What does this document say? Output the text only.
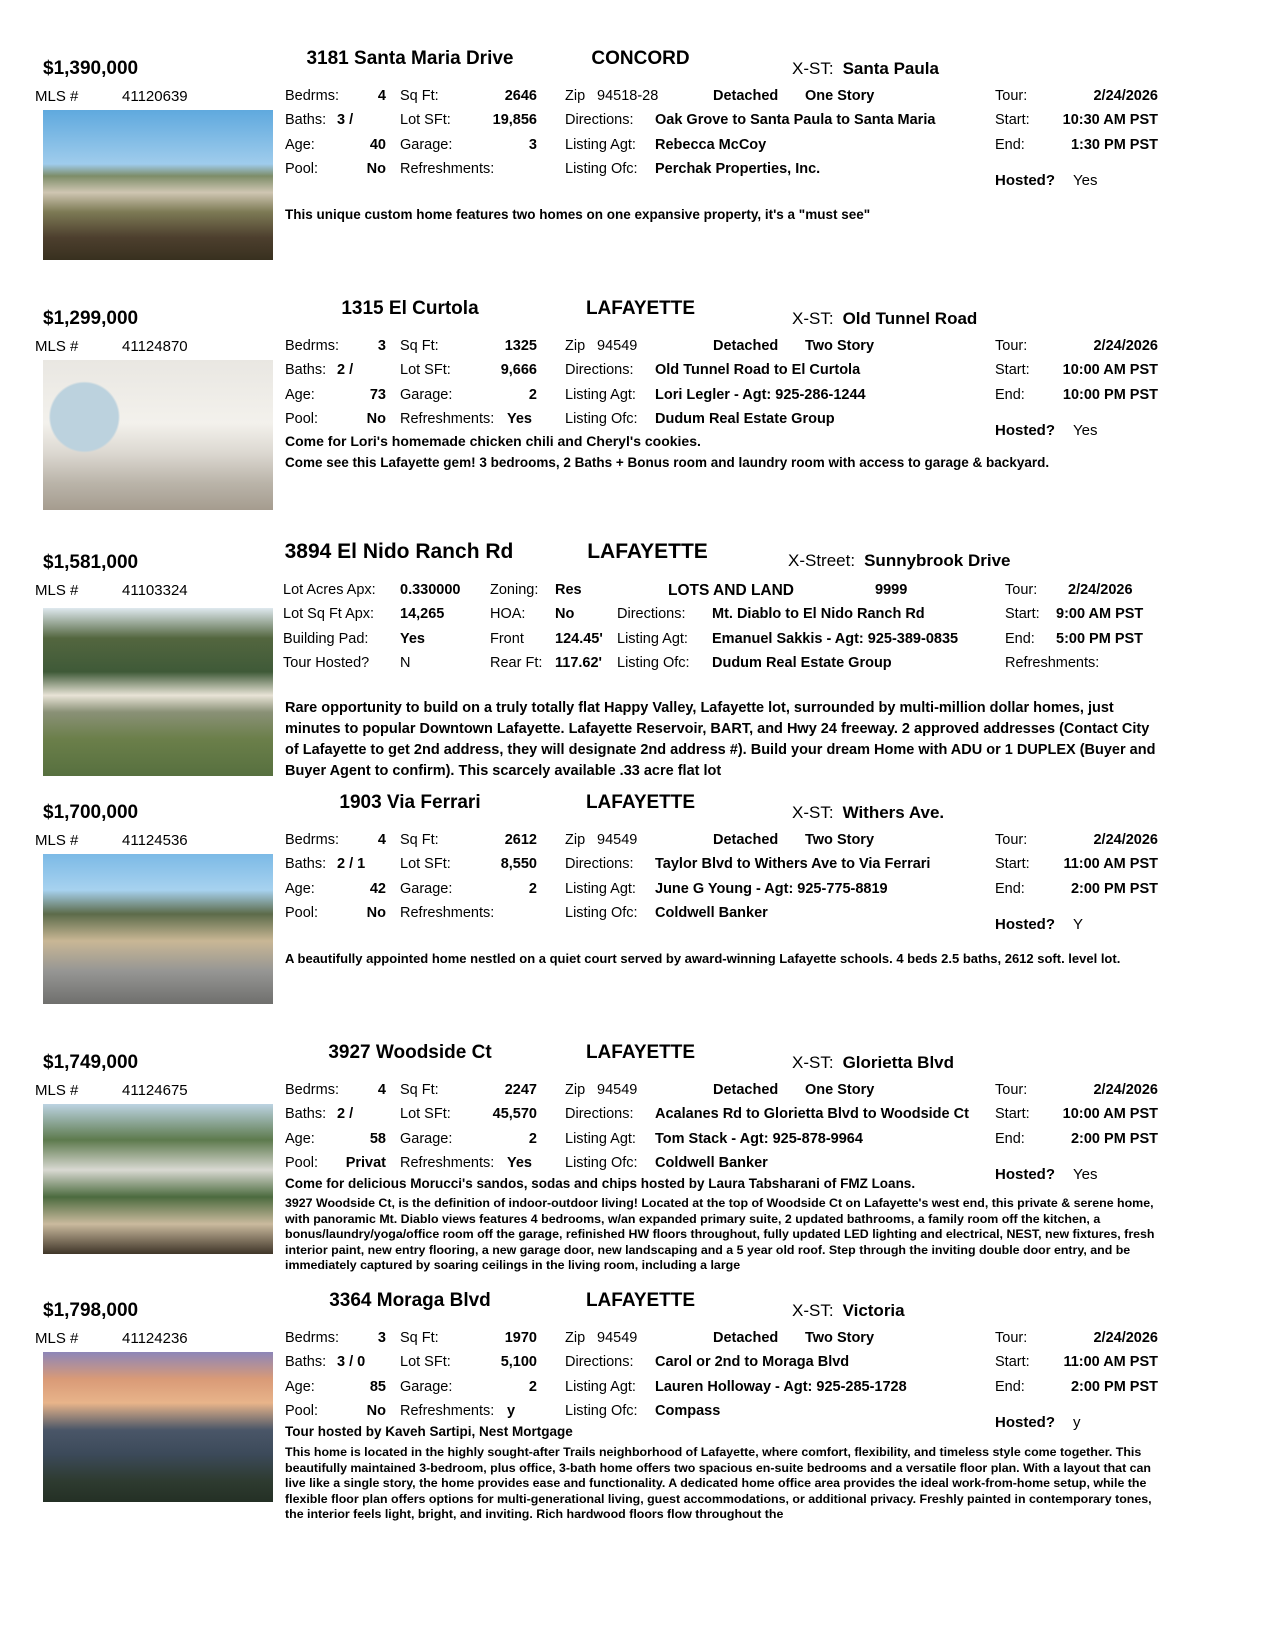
$1,390,000	3181 Santa Maria Drive	CONCORD	X-ST: Santa Paula
MLS #	41120639	Bedrms:	4 Sq Ft:	2646 Zip 94518-28	Detached One Story	Tour:	2/24/2026
Baths: 3 /	Lot SFt:	19,856 Directions: Oak Grove to Santa Paula to Santa Maria	Start:	10:30 AM PST
Age:	40 Garage:	3 Listing Agt: Rebecca McCoy	End:	1:30 PM PST
Pool:	No Refreshments:	Listing Ofc: Perchak Properties, Inc.
Hosted? Yes
This unique custom home features two homes on one expansive property, it's a "must see"
$1,299,000	1315 El Curtola	LAFAYETTE	X-ST: Old Tunnel Road
MLS #	41124870	Bedrms:	3 Sq Ft:	1325 Zip 94549	Detached Two Story	Tour:	2/24/2026
Baths: 2 /	Lot SFt:	9,666 Directions: Old Tunnel Road to El Curtola	Start:	10:00 AM PST
Age:	73 Garage:	2 Listing Agt: Lori Legler - Agt: 925-286-1244	End:	10:00 PM PST
Pool:	No Refreshments: Yes Listing Ofc: Dudum Real Estate Group
Hosted? Yes
Come for Lori's homemade chicken chili and Cheryl's cookies.
Come see this Lafayette gem! 3 bedrooms, 2 Baths + Bonus room and laundry room with access to garage & backyard.
$1,581,000	3894 El Nido Ranch Rd	LAFAYETTE	X-Street: Sunnybrook Drive
MLS #	41103324	Lot Acres Apx: 0.330000 Zoning: Res	LOTS AND LAND	9999	Tour: 2/24/2026
Lot Sq Ft Apx: 14,265	HOA: No	Directions: Mt. Diablo to El Nido Ranch Rd	Start: 9:00 AM PST
Building Pad: Yes	Front 124.45' Listing Agt: Emanuel Sakkis - Agt: 925-389-0835	End: 5:00 PM PST
Tour Hosted? N	Rear Ft: 117.62' Listing Ofc: Dudum Real Estate Group	Refreshments:
Rare opportunity to build on a truly totally flat Happy Valley, Lafayette lot, surrounded by multi-million dollar homes, just minutes to popular Downtown Lafayette. Lafayette Reservoir, BART, and Hwy 24 freeway. 2 approved addresses (Contact City of Lafayette to get 2nd address, they will designate 2nd address #). Build your dream Home with ADU or 1 DUPLEX (Buyer and Buyer Agent to confirm). This scarcely available .33 acre flat lot
$1,700,000	1903 Via Ferrari	LAFAYETTE	X-ST: Withers Ave.
MLS #	41124536	Bedrms:	4 Sq Ft:	2612 Zip 94549	Detached Two Story	Tour:	2/24/2026
Baths: 2 / 1 Lot SFt:	8,550 Directions: Taylor Blvd to Withers Ave to Via Ferrari	Start:	11:00 AM PST
Age:	42 Garage:	2 Listing Agt: June G Young - Agt: 925-775-8819	End:	2:00 PM PST
Pool:	No Refreshments:	Listing Ofc: Coldwell Banker
Hosted? Y
A beautifully appointed home nestled on a quiet court served by award-winning Lafayette schools. 4 beds 2.5 baths, 2612 soft. level lot.
$1,749,000	3927 Woodside Ct	LAFAYETTE	X-ST: Glorietta Blvd
MLS #	41124675	Bedrms:	4 Sq Ft:	2247 Zip 94549	Detached One Story	Tour:	2/24/2026
Baths: 2 /	Lot SFt:	45,570 Directions: Acalanes Rd to Glorietta Blvd to Woodside Ct Start:	10:00 AM PST
Age:	58 Garage:	2 Listing Agt: Tom Stack - Agt: 925-878-9964	End:	2:00 PM PST
Pool:	Privat Refreshments: Yes Listing Ofc: Coldwell Banker
Hosted? Yes
Come for delicious Morucci's sandos, sodas and chips hosted by Laura Tabsharani of FMZ Loans.
3927 Woodside Ct, is the definition of indoor-outdoor living! Located at the top of Woodside Ct on Lafayette's west end, this private & serene home, with panoramic Mt. Diablo views features 4 bedrooms, w/an expanded primary suite, 2 updated bathrooms, a family room off the kitchen, a bonus/laundry/yoga/office room off the garage, refinished HW floors throughout, fully updated LED lighting and electrical, NEST, new fixtures, fresh interior paint, new entry flooring, a new garage door, new landscaping and a 5 year old roof. Step through the inviting double door entry, and be immediately captured by soaring ceilings in the living room, including a large
$1,798,000	3364 Moraga Blvd	LAFAYETTE	X-ST: Victoria
MLS #	41124236	Bedrms:	3 Sq Ft:	1970 Zip 94549	Detached Two Story	Tour:	2/24/2026
Baths: 3 / 0 Lot SFt:	5,100 Directions: Carol or 2nd to Moraga Blvd	Start:	11:00 AM PST
Age:	85 Garage:	2 Listing Agt: Lauren Holloway - Agt: 925-285-1728	End:	2:00 PM PST
Pool:	No Refreshments: y	Listing Ofc: Compass
Hosted? y
Tour hosted by Kaveh Sartipi, Nest Mortgage
This home is located in the highly sought-after Trails neighborhood of Lafayette, where comfort, flexibility, and timeless style come together. This beautifully maintained 3-bedroom, plus office, 3-bath home offers two spacious en-suite bedrooms and a versatile floor plan. With a layout that can live like a single story, the home provides ease and functionality. A dedicated home office area provides the ideal work-from-home setup, while the flexible floor plan offers options for multi-generational living, guest accommodations, or additional privacy. Freshly painted in contemporary tones, the interior feels light, bright, and inviting. Rich hardwood floors flow throughout the
